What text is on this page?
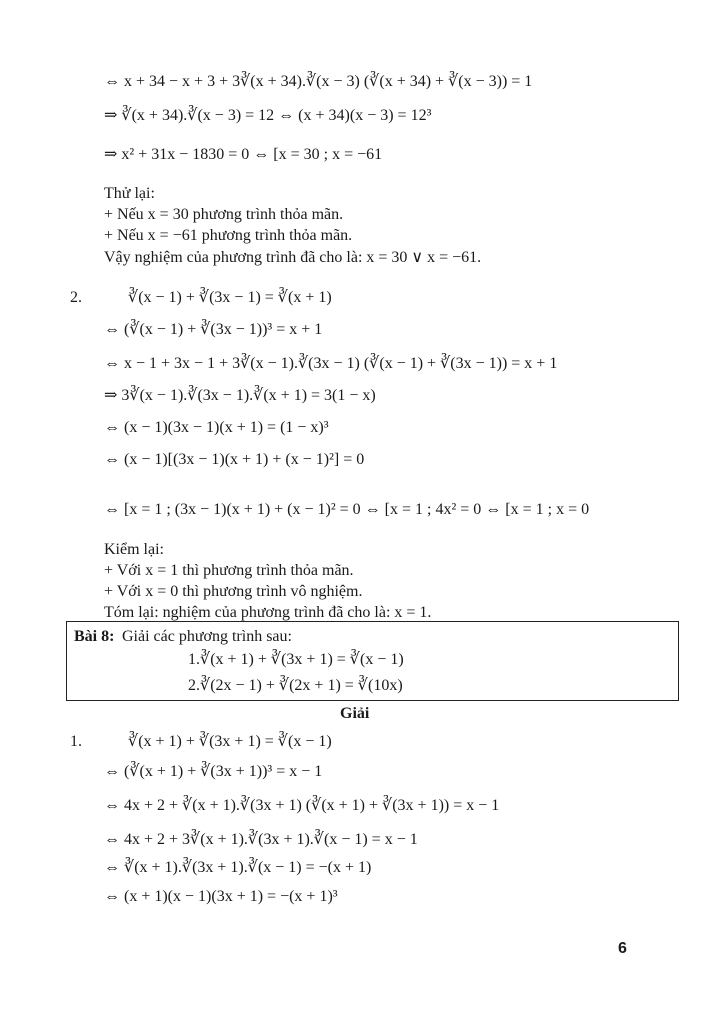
⇔ x + 34 − x + 3 + 3∛(x + 34).∛(x − 3) (∛(x + 34) + ∛(x − 3)) = 1
⇒ ∛(x + 34).∛(x − 3) = 12 ⇔ (x + 34)(x − 3) = 12³
⇒ x² + 31x − 1830 = 0 ⇔ [x = 30 ; x = −61
Thử lại:
+ Nếu x = 30 phương trình thỏa mãn.
+ Nếu x = −61 phương trình thỏa mãn.
Vậy nghiệm của phương trình đã cho là: x = 30 ∨ x = −61.
2.	∛(x − 1) + ∛(3x − 1) = ∛(x + 1)
⇔ (∛(x − 1) + ∛(3x − 1))³ = x + 1
⇔ x − 1 + 3x − 1 + 3∛(x − 1).∛(3x − 1) (∛(x − 1) + ∛(3x − 1)) = x + 1
⇒ 3∛(x − 1).∛(3x − 1).∛(x + 1) = 3(1 − x)
⇔ (x − 1)(3x − 1)(x + 1) = (1 − x)³
⇔ (x − 1)[(3x − 1)(x + 1) + (x − 1)²] = 0
⇔ [x = 1 ; (3x − 1)(x + 1) + (x − 1)² = 0 ⇔ [x = 1 ; 4x² = 0 ⇔ [x = 1 ; x = 0
Kiểm lại:
+ Với x = 1 thì phương trình thỏa mãn.
+ Với x = 0 thì phương trình vô nghiệm.
Tóm lại: nghiệm của phương trình đã cho là: x = 1.
Bài 8: Giải các phương trình sau:
1.∛(x + 1) + ∛(3x + 1) = ∛(x − 1)
2.∛(2x − 1) + ∛(2x + 1) = ∛(10x)
Giải
1.	∛(x + 1) + ∛(3x + 1) = ∛(x − 1)
⇔ (∛(x + 1) + ∛(3x + 1))³ = x − 1
⇔ 4x + 2 + ∛(x + 1).∛(3x + 1) (∛(x + 1) + ∛(3x + 1)) = x − 1
⇔ 4x + 2 + 3∛(x + 1).∛(3x + 1).∛(x − 1) = x − 1
⇔ ∛(x + 1).∛(3x + 1).∛(x − 1) = −(x + 1)
⇔ (x + 1)(x − 1)(3x + 1) = −(x + 1)³
6
